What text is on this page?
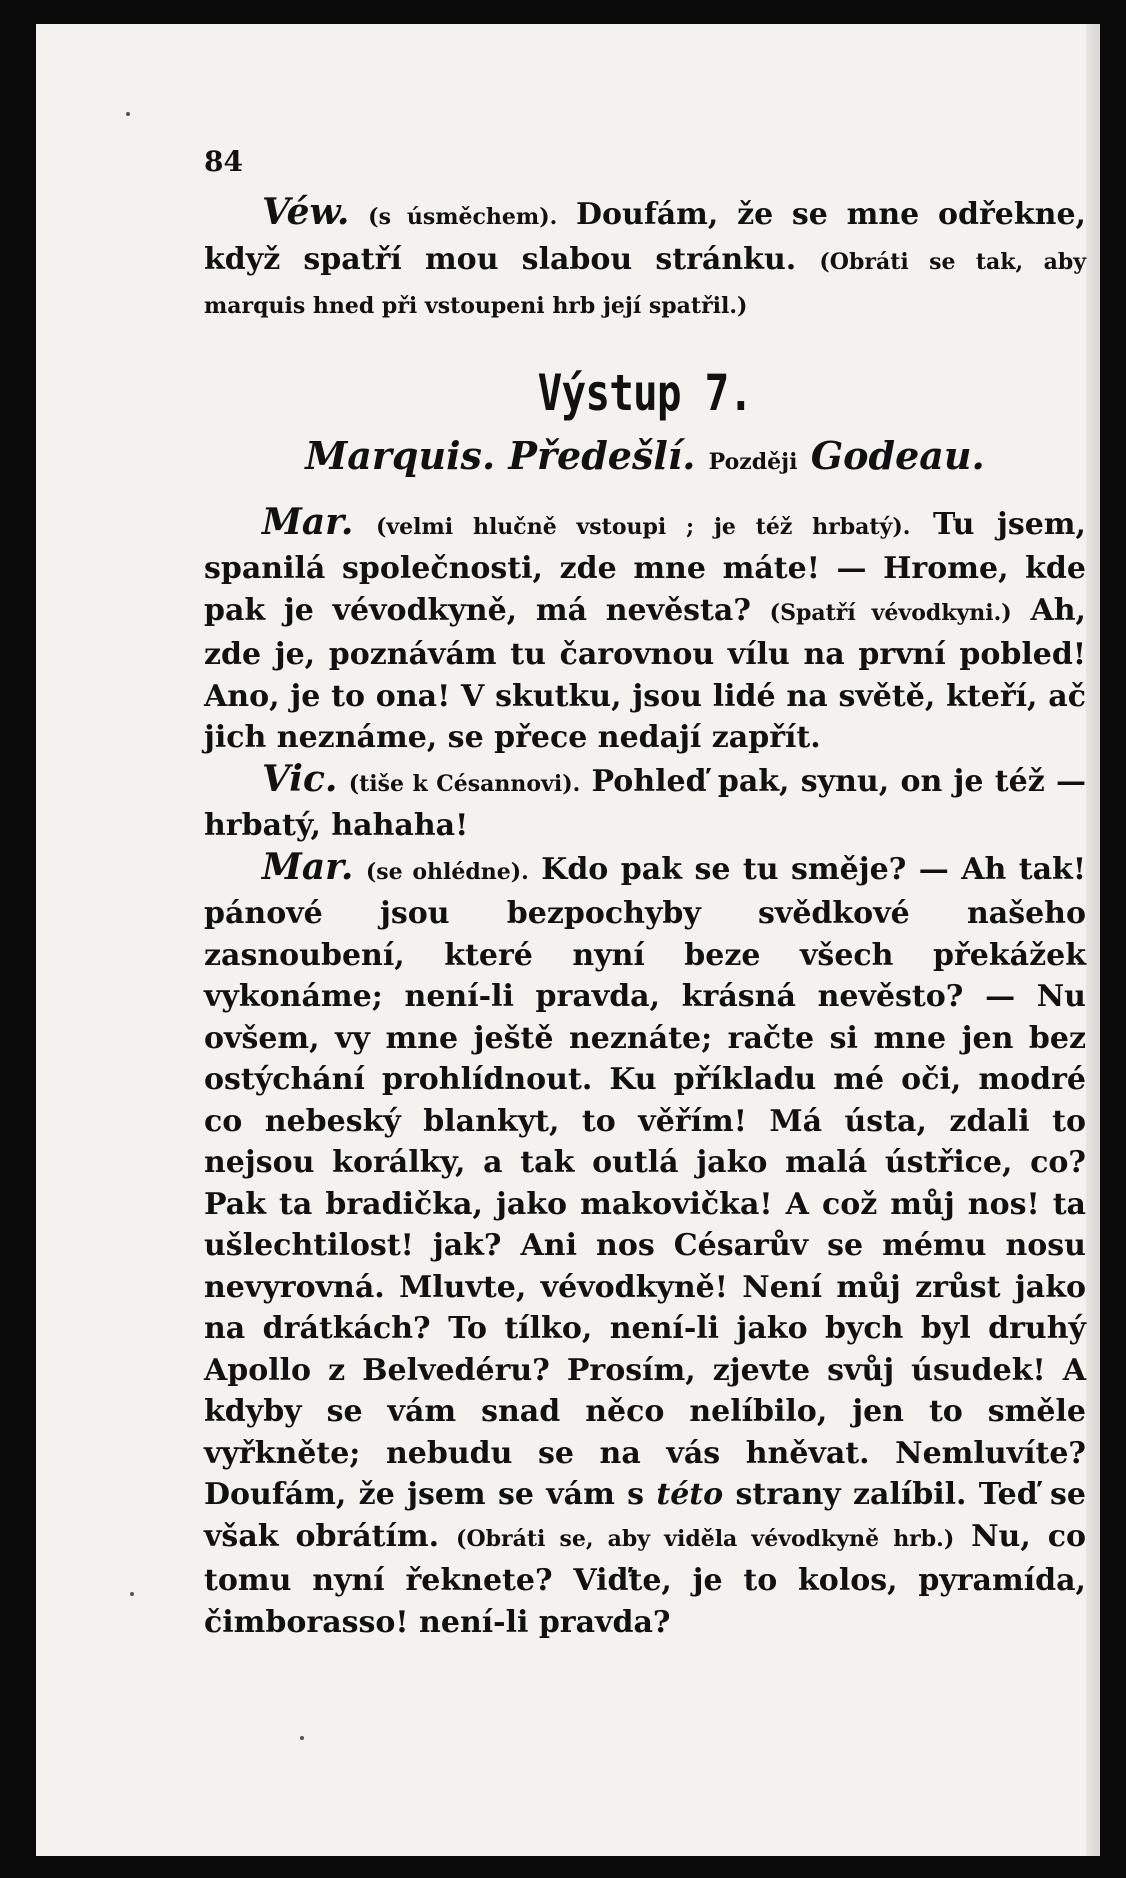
84

Véw. (s úsměchem). Doufám, že se mne odřekne, když spatří mou slabou stránku. (Obráti se tak, aby marquis hned při vstoupeni hrb její spatřil.)

Výstup 7.
Marquis. Předešlí. Později Godeau.

Mar. (velmi hlučně vstoupi ; je též hrbatý). Tu jsem, spanilá společnosti, zde mne máte! — Hrome, kde pak je vévodkyně, má nevěsta? (Spatří vévodkyni.) Ah, zde je, poznávám tu čarovnou vílu na první pobled! Ano, je to ona! V skutku, jsou lidé na světě, kteří, ač jich neznáme, se přece nedají zapřít.

Vic. (tiše k Césannovi). Pohleď pak, synu, on je též — hrbatý, hahaha!

Mar. (se ohlédne). Kdo pak se tu směje? — Ah tak! pánové jsou bezpochyby svědkové našeho zasnoubení, které nyní beze všech překážek vykonáme; není-li pravda, krásná nevěsto? — Nu ovšem, vy mne ještě neznáte; račte si mne jen bez ostýchání prohlídnout. Ku příkladu mé oči, modré co nebeský blankyt, to věřím! Má ústa, zdali to nejsou korálky, a tak outlá jako malá ústřice, co? Pak ta bradička, jako makovička! A což můj nos! ta ušlechtilost! jak? Ani nos Césarův se mému nosu nevyrovná. Mluvte, vévodkyně! Není můj zrůst jako na drátkách? To tílko, není-li jako bych byl druhý Apollo z Belvedéru? Prosím, zjevte svůj úsudek! A kdyby se vám snad něco nelíbilo, jen to směle vyřkněte; nebudu se na vás hněvat. Nemluvíte? Doufám, že jsem se vám s této strany zalíbil. Teď se však obrátím. (Obráti se, aby viděla vévodkyně hrb.) Nu, co tomu nyní řeknete? Viďte, je to kolos, pyramída, čimborasso! není-li pravda?
